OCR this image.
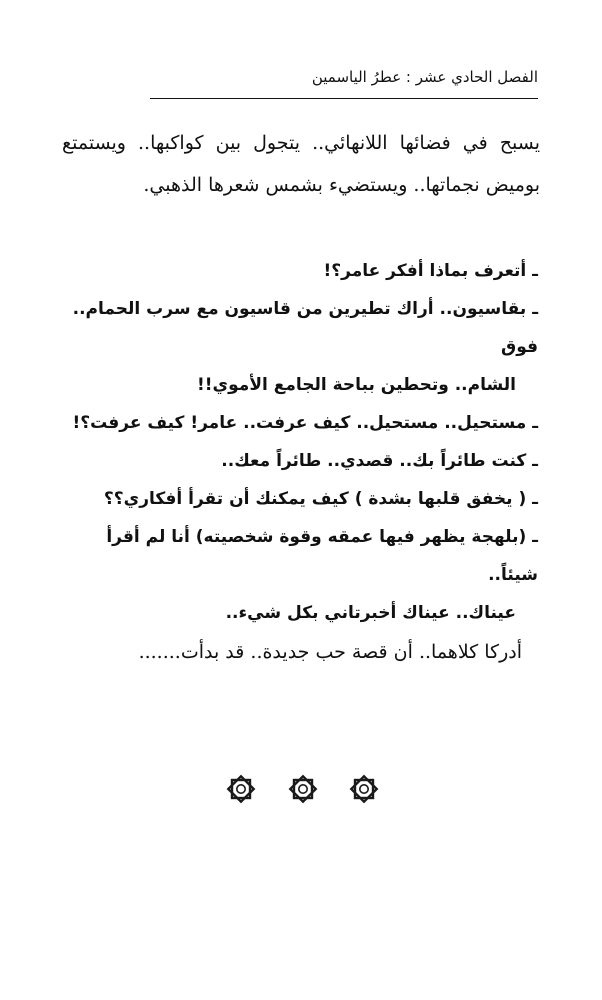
الفصل الحادي عشر : عطرُ الياسمين
يسبح في فضائها اللانهائي.. يتجول بين كواكبها.. ويستمتع بوميض نجماتها.. ويستضيء بشمس شعرها الذهبي.
ـ أتعرف بماذا أفكر عامر؟!
ـ بقاسيون.. أراك تطيرين من قاسيون مع سرب الحمام.. فوق
الشام.. وتحطين بباحة الجامع الأموي!!
ـ مستحيل.. مستحيل.. كيف عرفت.. عامر! كيف عرفت؟!
ـ كنت طائراً بك.. قصدي.. طائراً معك..
ـ ( يخفق قلبها بشدة ) كيف يمكنك أن تقرأ أفكاري؟؟
ـ (بلهجة يظهر فيها عمقه وقوة شخصيته) أنا لم أقرأ شيئاً..
عيناك.. عيناك أخبرتاني بكل شيء..
أدركا كلاهما.. أن قصة حب جديدة.. قد بدأت.......
